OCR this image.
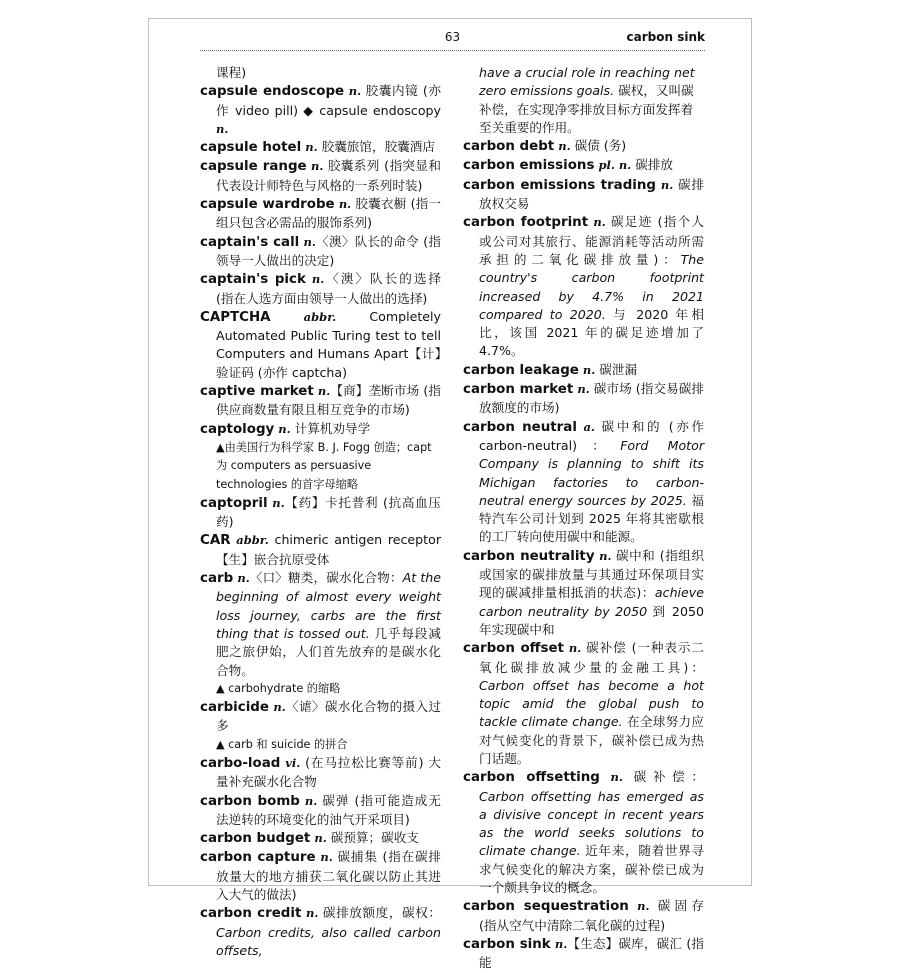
63	carbon sink

课程)

capsule endoscope n. 胶囊内镜 (亦作 video pill) ◆ capsule endoscopy n.

capsule hotel n. 胶囊旅馆，胶囊酒店

capsule range n. 胶囊系列 (指突显和代表设计师特色与风格的一系列时装)

capsule wardrobe n. 胶囊衣橱 (指一组只包含必需品的服饰系列)

captain's call n.〈澳〉队长的命令 (指领导一人做出的决定)

captain's pick n.〈澳〉队长的选择 (指在人选方面由领导一人做出的选择)

CAPTCHA	abbr. Completely Automated Public Turing test to tell Computers and Humans Apart【计】验证码 (亦作 captcha)

captive market n.【商】垄断市场 (指供应商数量有限且相互竞争的市场)

captology n. 计算机劝导学

▲由美国行为科学家 B. J. Fogg 创造；capt 为 computers as persuasive technologies 的首字母缩略

captopril n.【药】卡托普利 (抗高血压药)

CAR abbr. chimeric antigen receptor【生】嵌合抗原受体

carb n.〈口〉糖类，碳水化合物：At the beginning of almost every weight loss journey, carbs are the first thing that is tossed out. 几乎每段减肥之旅伊始，人们首先放弃的是碳水化合物。

▲ carbohydrate 的缩略

carbicide n.〈谑〉碳水化合物的摄入过多

▲ carb 和 suicide 的拼合

carbo-load vi. (在马拉松比赛等前) 大量补充碳水化合物

carbon bomb n. 碳弹 (指可能造成无法逆转的环境变化的油气开采项目)

carbon budget n. 碳预算；碳收支

carbon capture n. 碳捕集 (指在碳排放量大的地方捕获二氧化碳以防止其进入大气的做法)

carbon credit n. 碳排放额度，碳权：Carbon credits, also called carbon offsets,

have a crucial role in reaching net zero emissions goals. 碳权，又叫碳补偿，在实现净零排放目标方面发挥着至关重要的作用。

carbon debt n. 碳债 (务)

carbon emissions pl. n. 碳排放

carbon emissions trading n. 碳排放权交易

carbon footprint n. 碳足迹 (指个人或公司对其旅行、能源消耗等活动所需承担的二氧化碳排放量)：The country's carbon footprint increased by 4.7% in 2021 compared to 2020. 与 2020 年相比，该国 2021 年的碳足迹增加了 4.7%。

carbon leakage n. 碳泄漏

carbon market n. 碳市场 (指交易碳排放额度的市场)

carbon neutral a. 碳中和的 (亦作 carbon-neutral)：Ford Motor Company is planning to shift its Michigan factories to carbon-neutral energy sources by 2025. 福特汽车公司计划到 2025 年将其密歇根的工厂转向使用碳中和能源。

carbon neutrality n. 碳中和 (指组织或国家的碳排放量与其通过环保项目实现的碳减排量相抵消的状态)：achieve carbon neutrality by 2050 到 2050 年实现碳中和

carbon offset n. 碳补偿 (一种表示二氧化碳排放减少量的金融工具)：Carbon offset has become a hot topic amid the global push to tackle climate change. 在全球努力应对气候变化的背景下，碳补偿已成为热门话题。

carbon offsetting n. 碳补偿：Carbon offsetting has emerged as a divisive concept in recent years as the world seeks solutions to climate change. 近年来，随着世界寻求气候变化的解决方案，碳补偿已成为一个颇具争议的概念。

carbon sequestration n. 碳固存 (指从空气中清除二氧化碳的过程)

carbon sink n.【生态】碳库，碳汇 (指能
